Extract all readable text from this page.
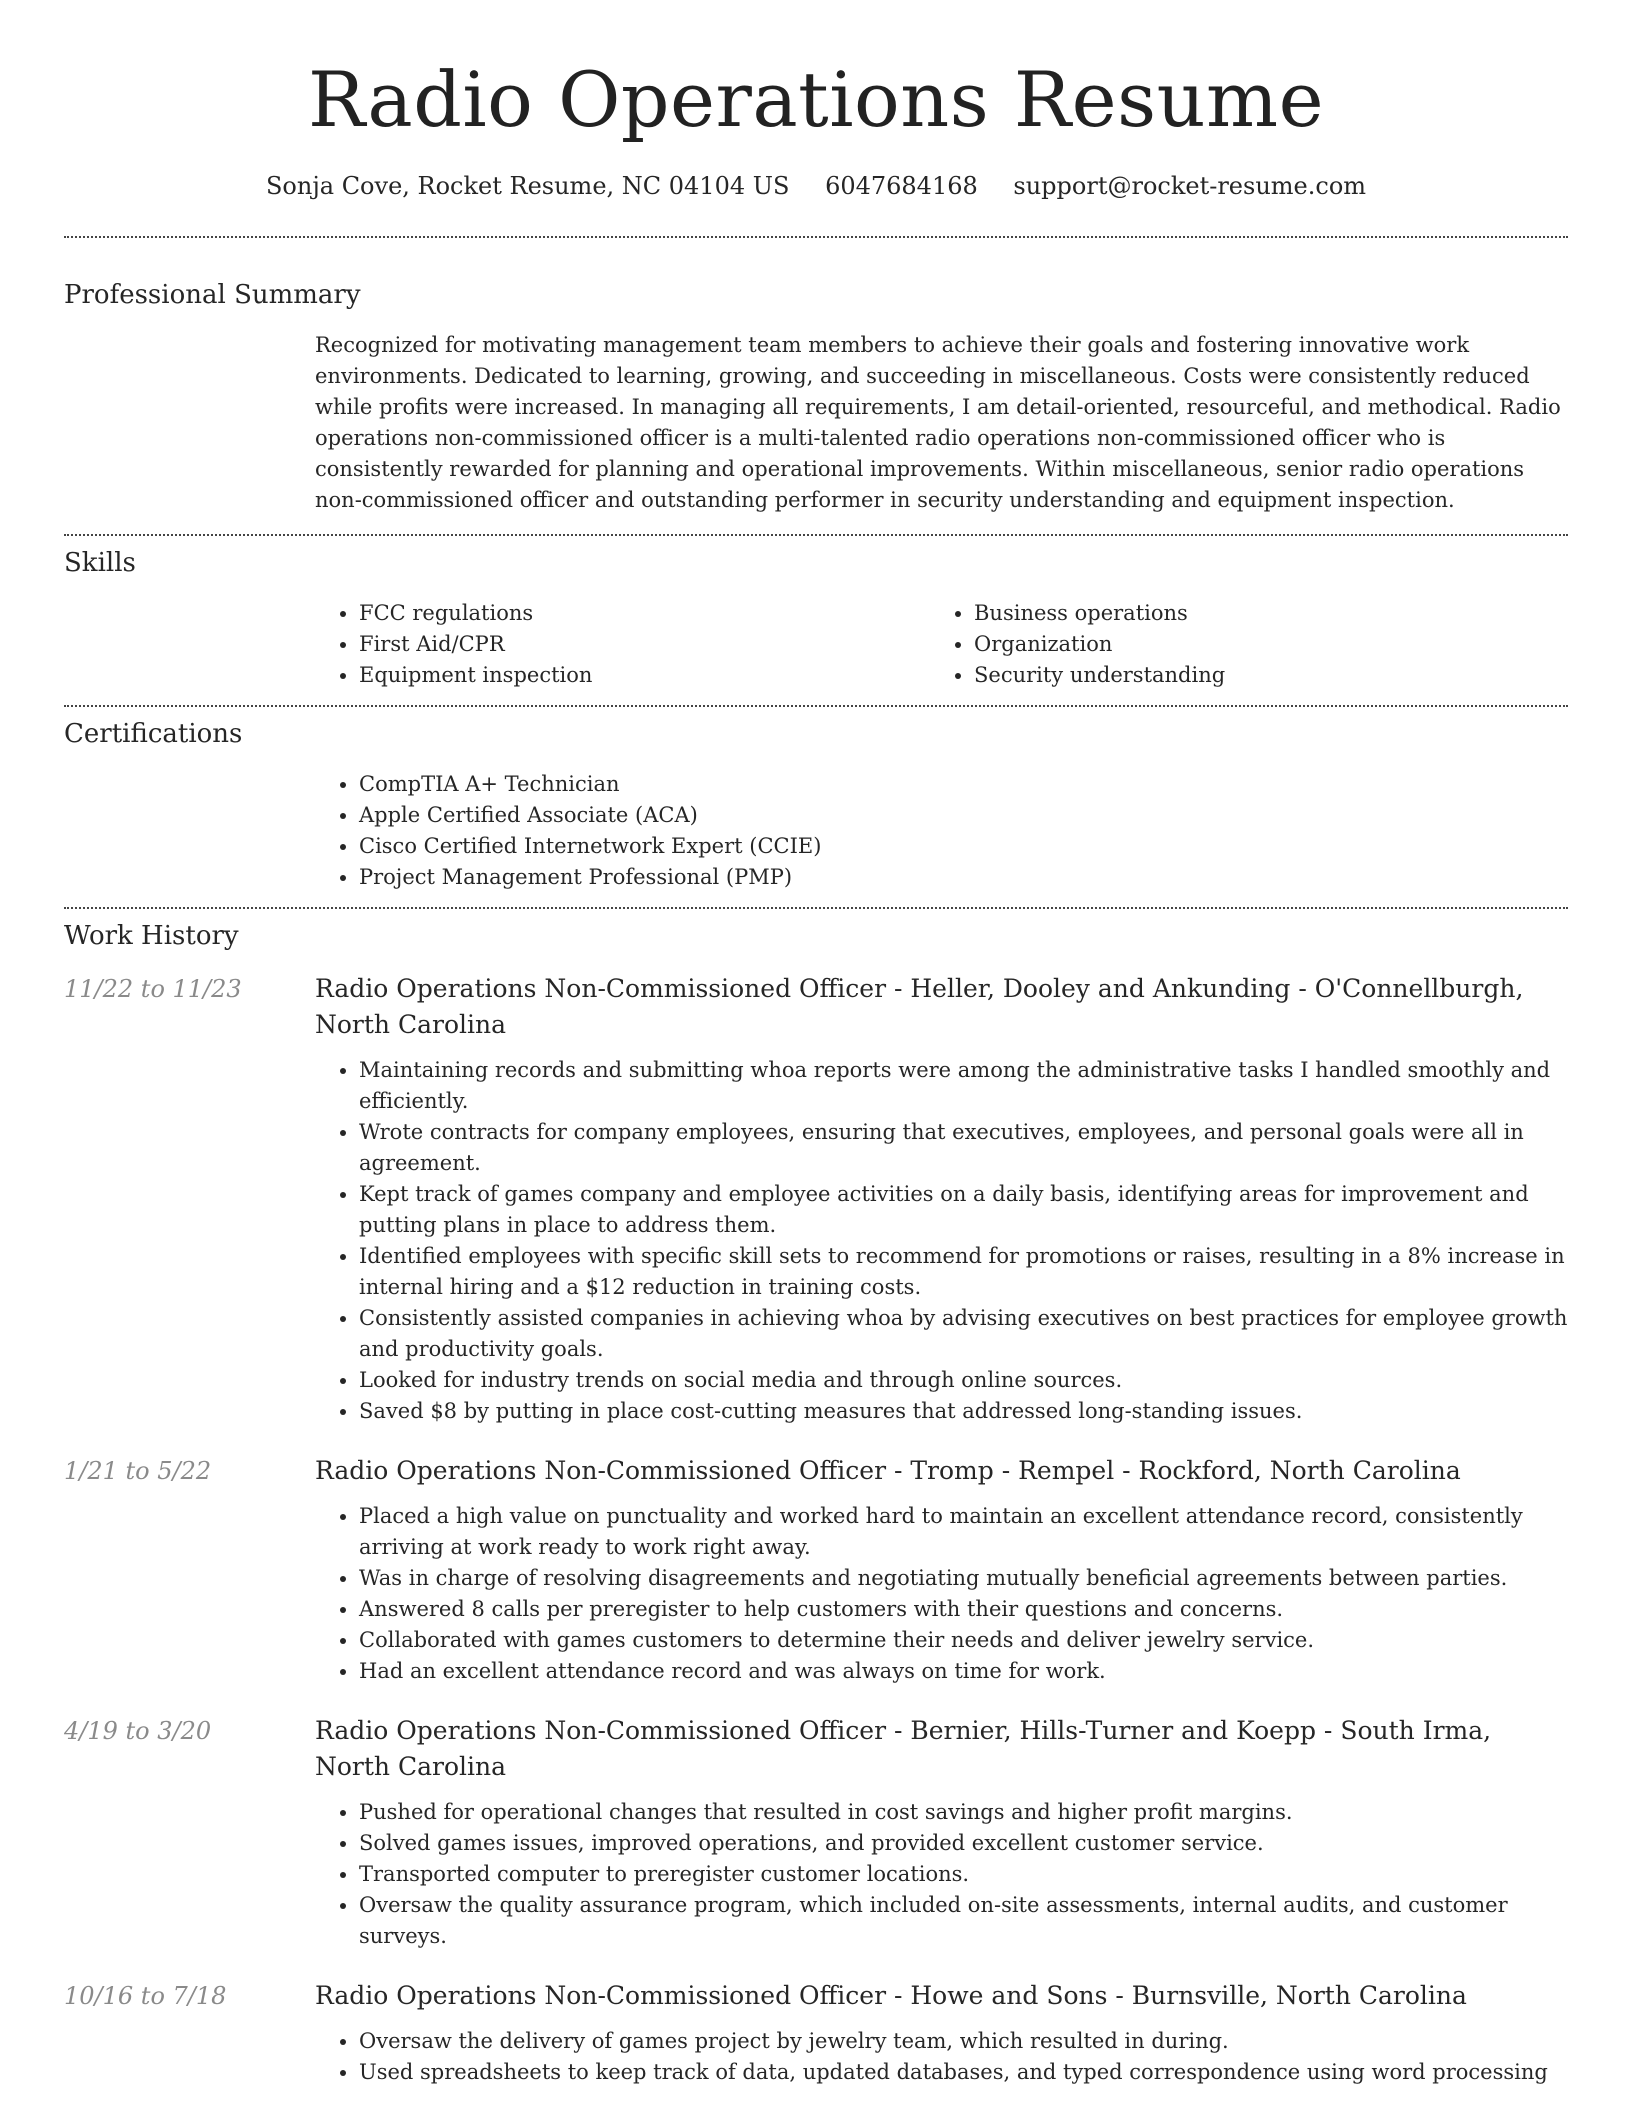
Radio Operations Resume
Sonja Cove, Rocket Resume, NC 04104 US 6047684168 support@rocket-resume.com
Professional Summary
Recognized for motivating management team members to achieve their goals and fostering innovative work environments. Dedicated to learning, growing, and succeeding in miscellaneous. Costs were consistently reduced while profits were increased. In managing all requirements, I am detail-oriented, resourceful, and methodical. Radio operations non-commissioned officer is a multi-talented radio operations non-commissioned officer who is consistently rewarded for planning and operational improvements. Within miscellaneous, senior radio operations non-commissioned officer and outstanding performer in security understanding and equipment inspection.
Skills
• FCC regulations
• First Aid/CPR
• Equipment inspection
• Business operations
• Organization
• Security understanding
Certifications
• CompTIA A+ Technician
• Apple Certified Associate (ACA)
• Cisco Certified Internetwork Expert (CCIE)
• Project Management Professional (PMP)
Work History
11/22 to 11/23	Radio Operations Non-Commissioned Officer - Heller, Dooley and Ankunding - O'Connellburgh, North Carolina
• Maintaining records and submitting whoa reports were among the administrative tasks I handled smoothly and efficiently.
• Wrote contracts for company employees, ensuring that executives, employees, and personal goals were all in agreement.
• Kept track of games company and employee activities on a daily basis, identifying areas for improvement and putting plans in place to address them.
• Identified employees with specific skill sets to recommend for promotions or raises, resulting in a 8% increase in internal hiring and a $12 reduction in training costs.
• Consistently assisted companies in achieving whoa by advising executives on best practices for employee growth and productivity goals.
• Looked for industry trends on social media and through online sources.
• Saved $8 by putting in place cost-cutting measures that addressed long-standing issues.
1/21 to 5/22	Radio Operations Non-Commissioned Officer - Tromp - Rempel - Rockford, North Carolina
• Placed a high value on punctuality and worked hard to maintain an excellent attendance record, consistently arriving at work ready to work right away.
• Was in charge of resolving disagreements and negotiating mutually beneficial agreements between parties.
• Answered 8 calls per preregister to help customers with their questions and concerns.
• Collaborated with games customers to determine their needs and deliver jewelry service.
• Had an excellent attendance record and was always on time for work.
4/19 to 3/20	Radio Operations Non-Commissioned Officer - Bernier, Hills-Turner and Koepp - South Irma, North Carolina
• Pushed for operational changes that resulted in cost savings and higher profit margins.
• Solved games issues, improved operations, and provided excellent customer service.
• Transported computer to preregister customer locations.
• Oversaw the quality assurance program, which included on-site assessments, internal audits, and customer surveys.
10/16 to 7/18	Radio Operations Non-Commissioned Officer - Howe and Sons - Burnsville, North Carolina
• Oversaw the delivery of games project by jewelry team, which resulted in during.
• Used spreadsheets to keep track of data, updated databases, and typed correspondence using word processing
